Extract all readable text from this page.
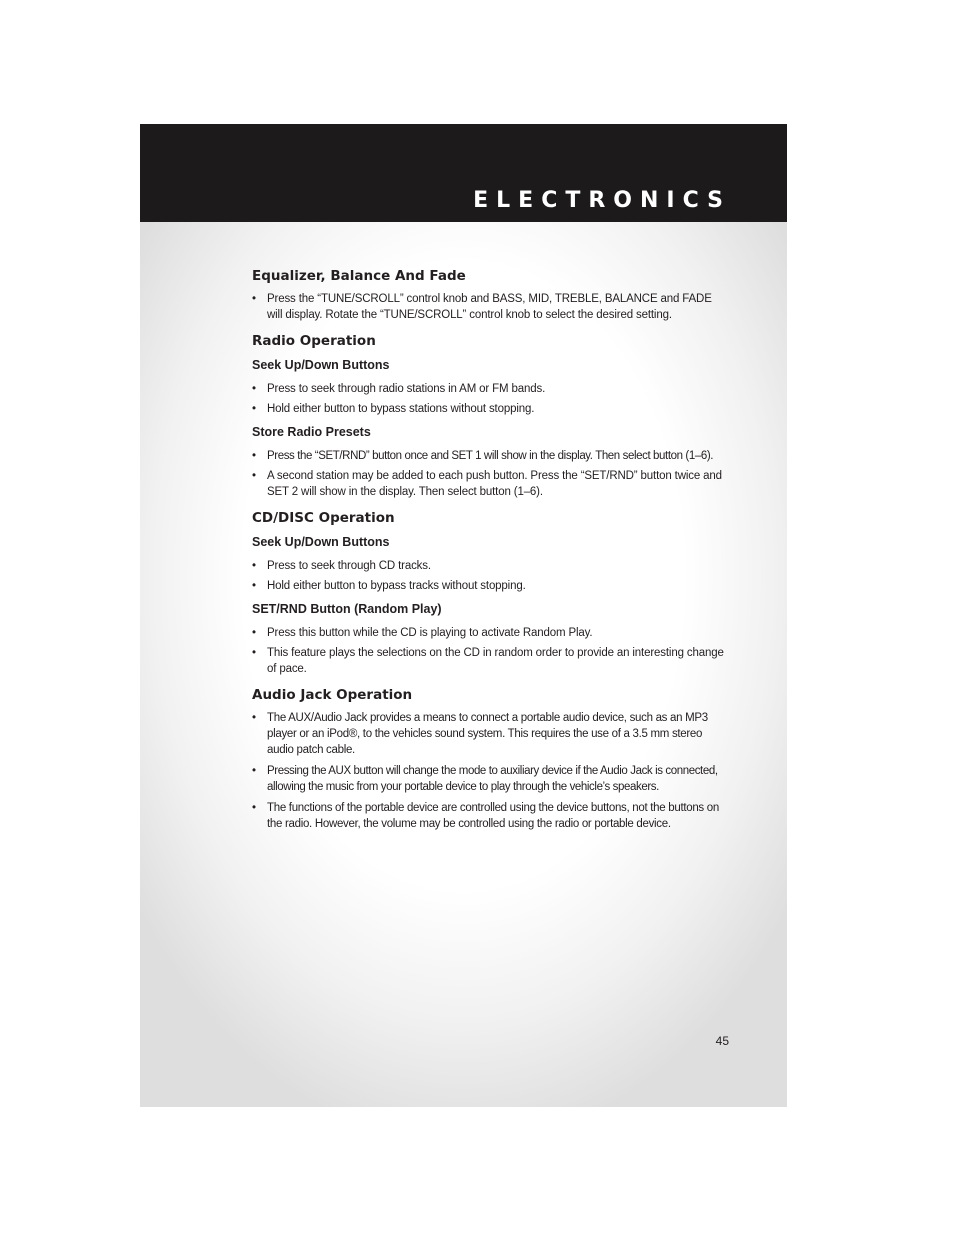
ELECTRONICS
Equalizer, Balance And Fade
• Press the “TUNE/SCROLL” control knob and BASS, MID, TREBLE, BALANCE and FADE will display. Rotate the “TUNE/SCROLL” control knob to select the desired setting.
Radio Operation
Seek Up/Down Buttons
• Press to seek through radio stations in AM or FM bands.
• Hold either button to bypass stations without stopping.
Store Radio Presets
• Press the “SET/RND” button once and SET 1 will show in the display. Then select button (1–6).
• A second station may be added to each push button. Press the “SET/RND” button twice and SET 2 will show in the display. Then select button (1–6).
CD/DISC Operation
Seek Up/Down Buttons
• Press to seek through CD tracks.
• Hold either button to bypass tracks without stopping.
SET/RND Button (Random Play)
• Press this button while the CD is playing to activate Random Play.
• This feature plays the selections on the CD in random order to provide an interesting change of pace.
Audio Jack Operation
• The AUX/Audio Jack provides a means to connect a portable audio device, such as an MP3 player or an iPod®, to the vehicles sound system. This requires the use of a 3.5 mm stereo audio patch cable.
• Pressing the AUX button will change the mode to auxiliary device if the Audio Jack is connected, allowing the music from your portable device to play through the vehicle’s speakers.
• The functions of the portable device are controlled using the device buttons, not the buttons on the radio. However, the volume may be controlled using the radio or portable device.
45
